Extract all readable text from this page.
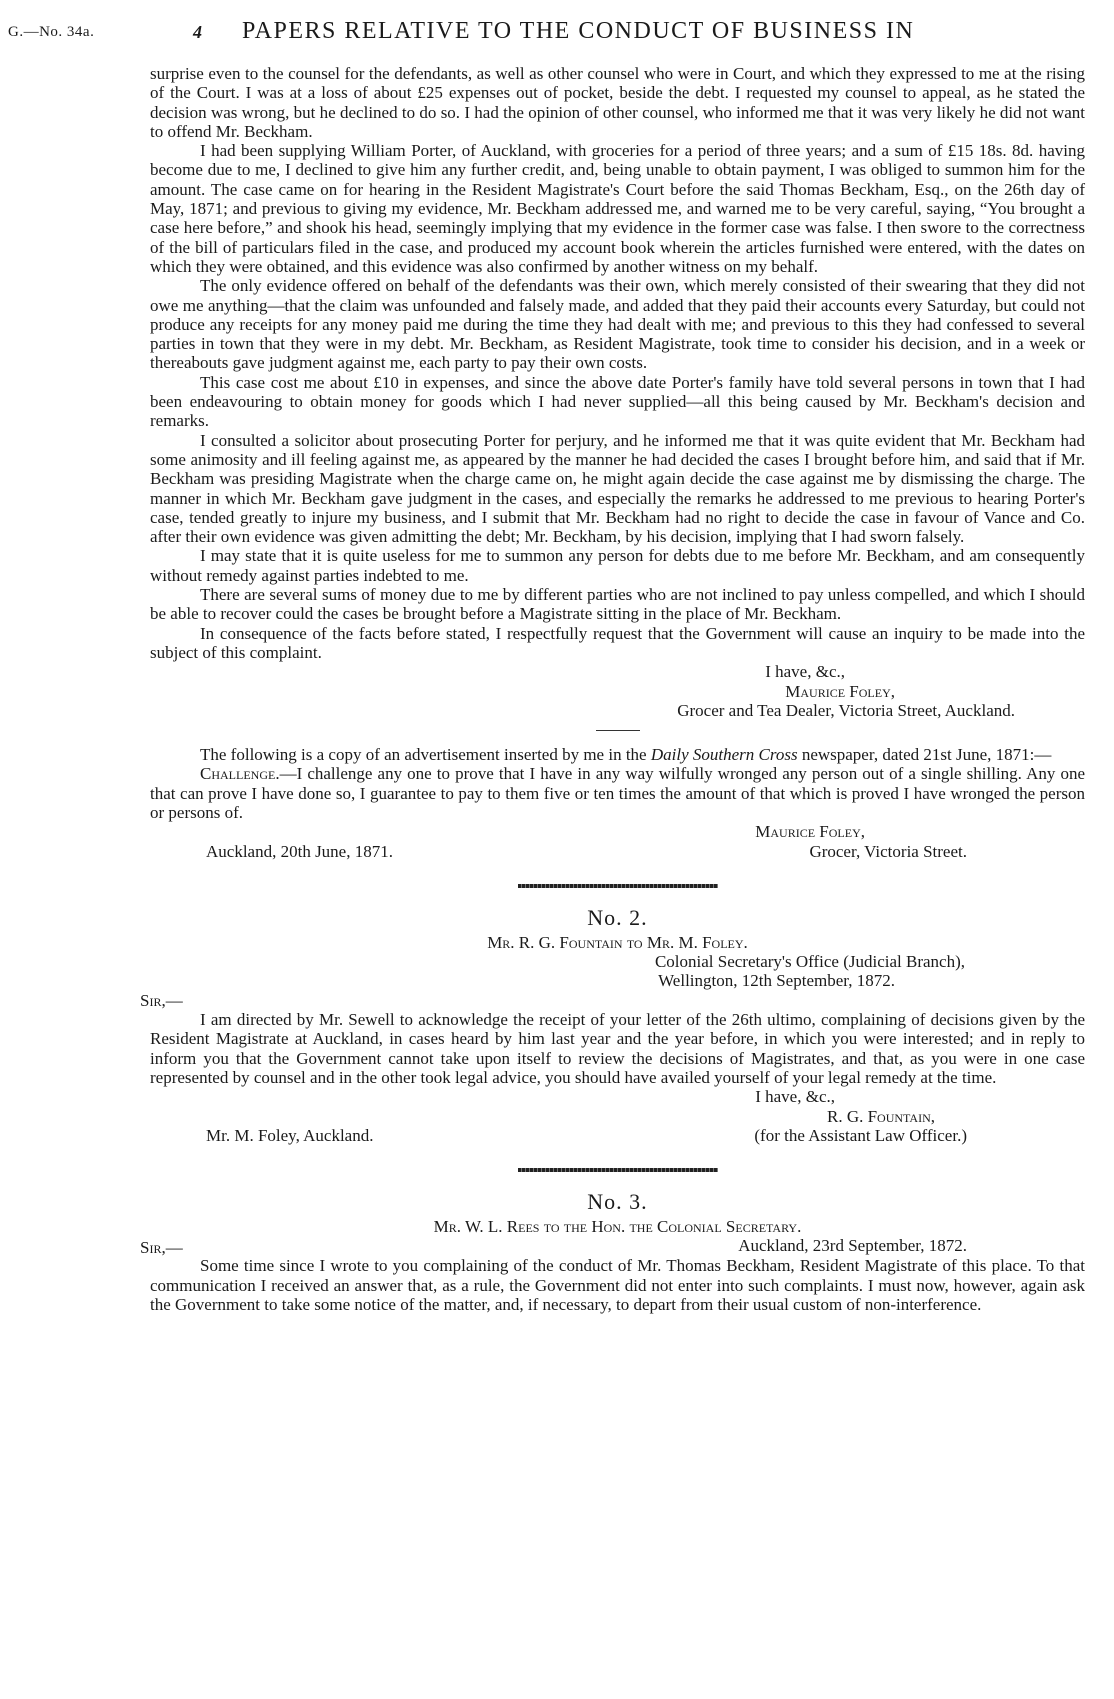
G.—No. 34a.	4 PAPERS RELATIVE TO THE CONDUCT OF BUSINESS IN

surprise even to the counsel for the defendants, as well as other counsel who were in Court, and which they expressed to me at the rising of the Court. I was at a loss of about £25 expenses out of pocket, beside the debt. I requested my counsel to appeal, as he stated the decision was wrong, but he declined to do so. I had the opinion of other counsel, who informed me that it was very likely he did not want to offend Mr. Beckham.

I had been supplying William Porter, of Auckland, with groceries for a period of three years; and a sum of £15 18s. 8d. having become due to me, I declined to give him any further credit, and, being unable to obtain payment, I was obliged to summon him for the amount. The case came on for hearing in the Resident Magistrate's Court before the said Thomas Beckham, Esq., on the 26th day of May, 1871; and previous to giving my evidence, Mr. Beckham addressed me, and warned me to be very careful, saying, “You brought a case here before,” and shook his head, seemingly implying that my evidence in the former case was false. I then swore to the correctness of the bill of particulars filed in the case, and produced my account book wherein the articles furnished were entered, with the dates on which they were obtained, and this evidence was also confirmed by another witness on my behalf.

The only evidence offered on behalf of the defendants was their own, which merely consisted of their swearing that they did not owe me anything—that the claim was unfounded and falsely made, and added that they paid their accounts every Saturday, but could not produce any receipts for any money paid me during the time they had dealt with me; and previous to this they had confessed to several parties in town that they were in my debt. Mr. Beckham, as Resident Magistrate, took time to consider his decision, and in a week or thereabouts gave judgment against me, each party to pay their own costs.

This case cost me about £10 in expenses, and since the above date Porter's family have told several persons in town that I had been endeavouring to obtain money for goods which I had never supplied—all this being caused by Mr. Beckham's decision and remarks.

I consulted a solicitor about prosecuting Porter for perjury, and he informed me that it was quite evident that Mr. Beckham had some animosity and ill feeling against me, as appeared by the manner he had decided the cases I brought before him, and said that if Mr. Beckham was presiding Magistrate when the charge came on, he might again decide the case against me by dismissing the charge. The manner in which Mr. Beckham gave judgment in the cases, and especially the remarks he addressed to me previous to hearing Porter's case, tended greatly to injure my business, and I submit that Mr. Beckham had no right to decide the case in favour of Vance and Co. after their own evidence was given admitting the debt; Mr. Beckham, by his decision, implying that I had sworn falsely.

I may state that it is quite useless for me to summon any person for debts due to me before Mr. Beckham, and am consequently without remedy against parties indebted to me.

There are several sums of money due to me by different parties who are not inclined to pay unless compelled, and which I should be able to recover could the cases be brought before a Magistrate sitting in the place of Mr. Beckham.

In consequence of the facts before stated, I respectfully request that the Government will cause an inquiry to be made into the subject of this complaint.

I have, &c.,

Maurice Foley,

Grocer and Tea Dealer, Victoria Street, Auckland.

The following is a copy of an advertisement inserted by me in the Daily Southern Cross newspaper, dated 21st June, 1871:—

Challenge.—I challenge any one to prove that I have in any way wilfully wronged any person out of a single shilling. Any one that can prove I have done so, I guarantee to pay to them five or ten times the amount of that which is proved I have wronged the person or persons of.

Maurice Foley,

Auckland, 20th June, 1871.	Grocer, Victoria Street.
No. 2.

Mr. R. G. Fountain to Mr. M. Foley.

Colonial Secretary's Office (Judicial Branch),

Wellington, 12th September, 1872.

Sir,—

I am directed by Mr. Sewell to acknowledge the receipt of your letter of the 26th ultimo, complaining of decisions given by the Resident Magistrate at Auckland, in cases heard by him last year and the year before, in which you were interested; and in reply to inform you that the Government cannot take upon itself to review the decisions of Magistrates, and that, as you were in one case represented by counsel and in the other took legal advice, you should have availed yourself of your legal remedy at the time.

I have, &c.,

R. G. Fountain,

Mr. M. Foley, Auckland.	(for the Assistant Law Officer.)
No. 3.

Mr. W. L. Rees to the Hon. the Colonial Secretary.

Sir,—	Auckland, 23rd September, 1872.

Some time since I wrote to you complaining of the conduct of Mr. Thomas Beckham, Resident Magistrate of this place. To that communication I received an answer that, as a rule, the Government did not enter into such complaints. I must now, however, again ask the Government to take some notice of the matter, and, if necessary, to depart from their usual custom of non-interference.
